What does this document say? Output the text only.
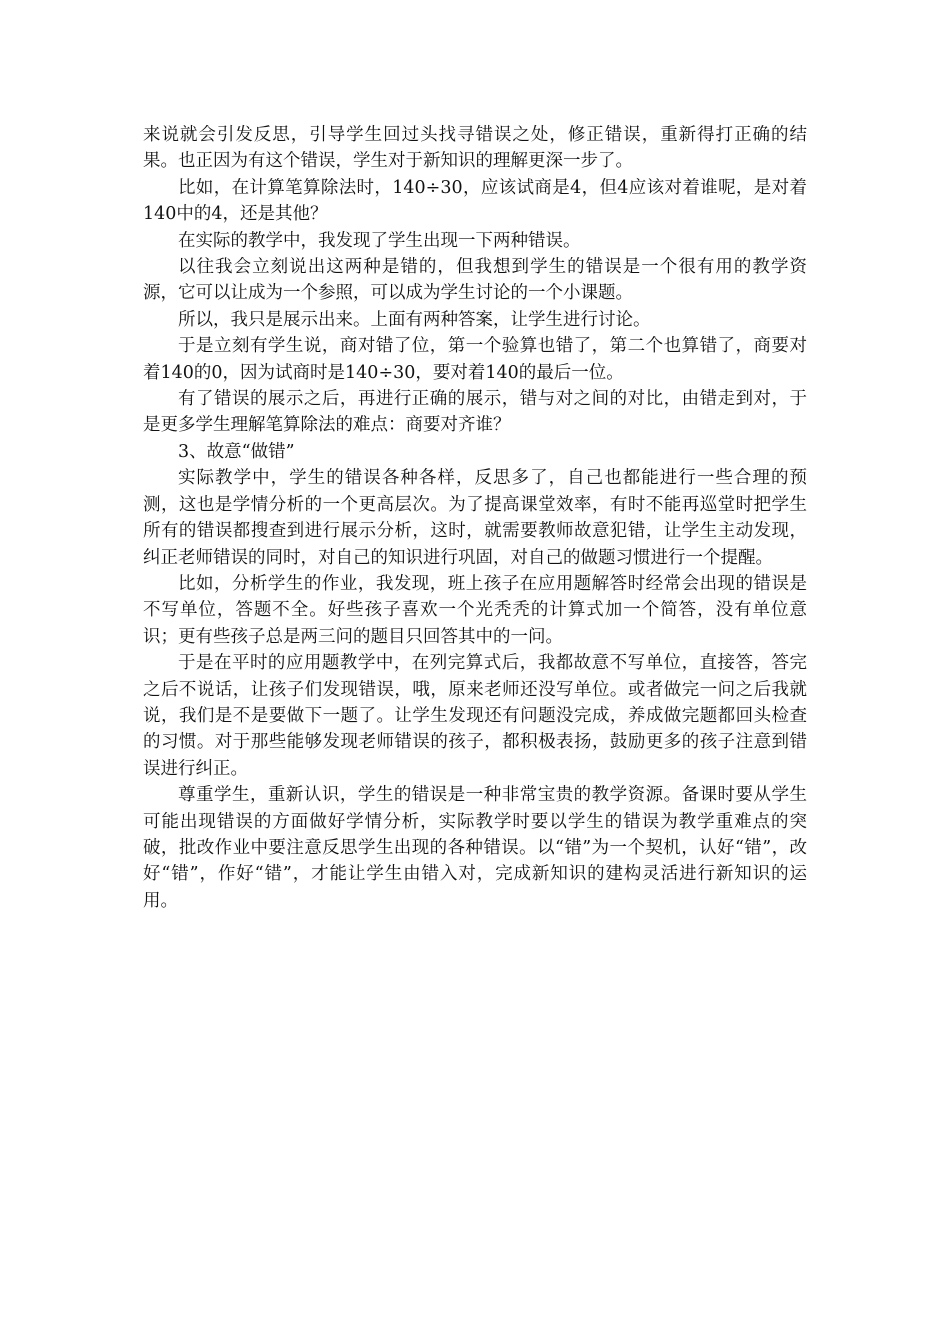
来说就会引发反思，引导学生回过头找寻错误之处，修正错误，重新得打正确的结果。也正因为有这个错误，学生对于新知识的理解更深一步了。

比如，在计算笔算除法时，140÷30，应该试商是4，但4应该对着谁呢，是对着140中的4，还是其他？

在实际的教学中，我发现了学生出现一下两种错误。

以往我会立刻说出这两种是错的，但我想到学生的错误是一个很有用的教学资源，它可以让成为一个参照，可以成为学生讨论的一个小课题。

所以，我只是展示出来。上面有两种答案，让学生进行讨论。

于是立刻有学生说，商对错了位，第一个验算也错了，第二个也算错了，商要对着140的0，因为试商时是140÷30，要对着140的最后一位。

有了错误的展示之后，再进行正确的展示，错与对之间的对比，由错走到对，于是更多学生理解笔算除法的难点：商要对齐谁？

3、故意“做错”

实际教学中，学生的错误各种各样，反思多了，自己也都能进行一些合理的预测，这也是学情分析的一个更高层次。为了提高课堂效率，有时不能再巡堂时把学生所有的错误都搜查到进行展示分析，这时，就需要教师故意犯错，让学生主动发现，纠正老师错误的同时，对自己的知识进行巩固，对自己的做题习惯进行一个提醒。

比如，分析学生的作业，我发现，班上孩子在应用题解答时经常会出现的错误是不写单位，答题不全。好些孩子喜欢一个光秃秃的计算式加一个简答，没有单位意识；更有些孩子总是两三问的题目只回答其中的一问。

于是在平时的应用题教学中，在列完算式后，我都故意不写单位，直接答，答完之后不说话，让孩子们发现错误，哦，原来老师还没写单位。或者做完一问之后我就说，我们是不是要做下一题了。让学生发现还有问题没完成，养成做完题都回头检查的习惯。对于那些能够发现老师错误的孩子，都积极表扬，鼓励更多的孩子注意到错误进行纠正。

尊重学生，重新认识，学生的错误是一种非常宝贵的教学资源。备课时要从学生可能出现错误的方面做好学情分析，实际教学时要以学生的错误为教学重难点的突破，批改作业中要注意反思学生出现的各种错误。以“错”为一个契机，认好“错”，改好“错”，作好“错”，才能让学生由错入对，完成新知识的建构灵活进行新知识的运用。
